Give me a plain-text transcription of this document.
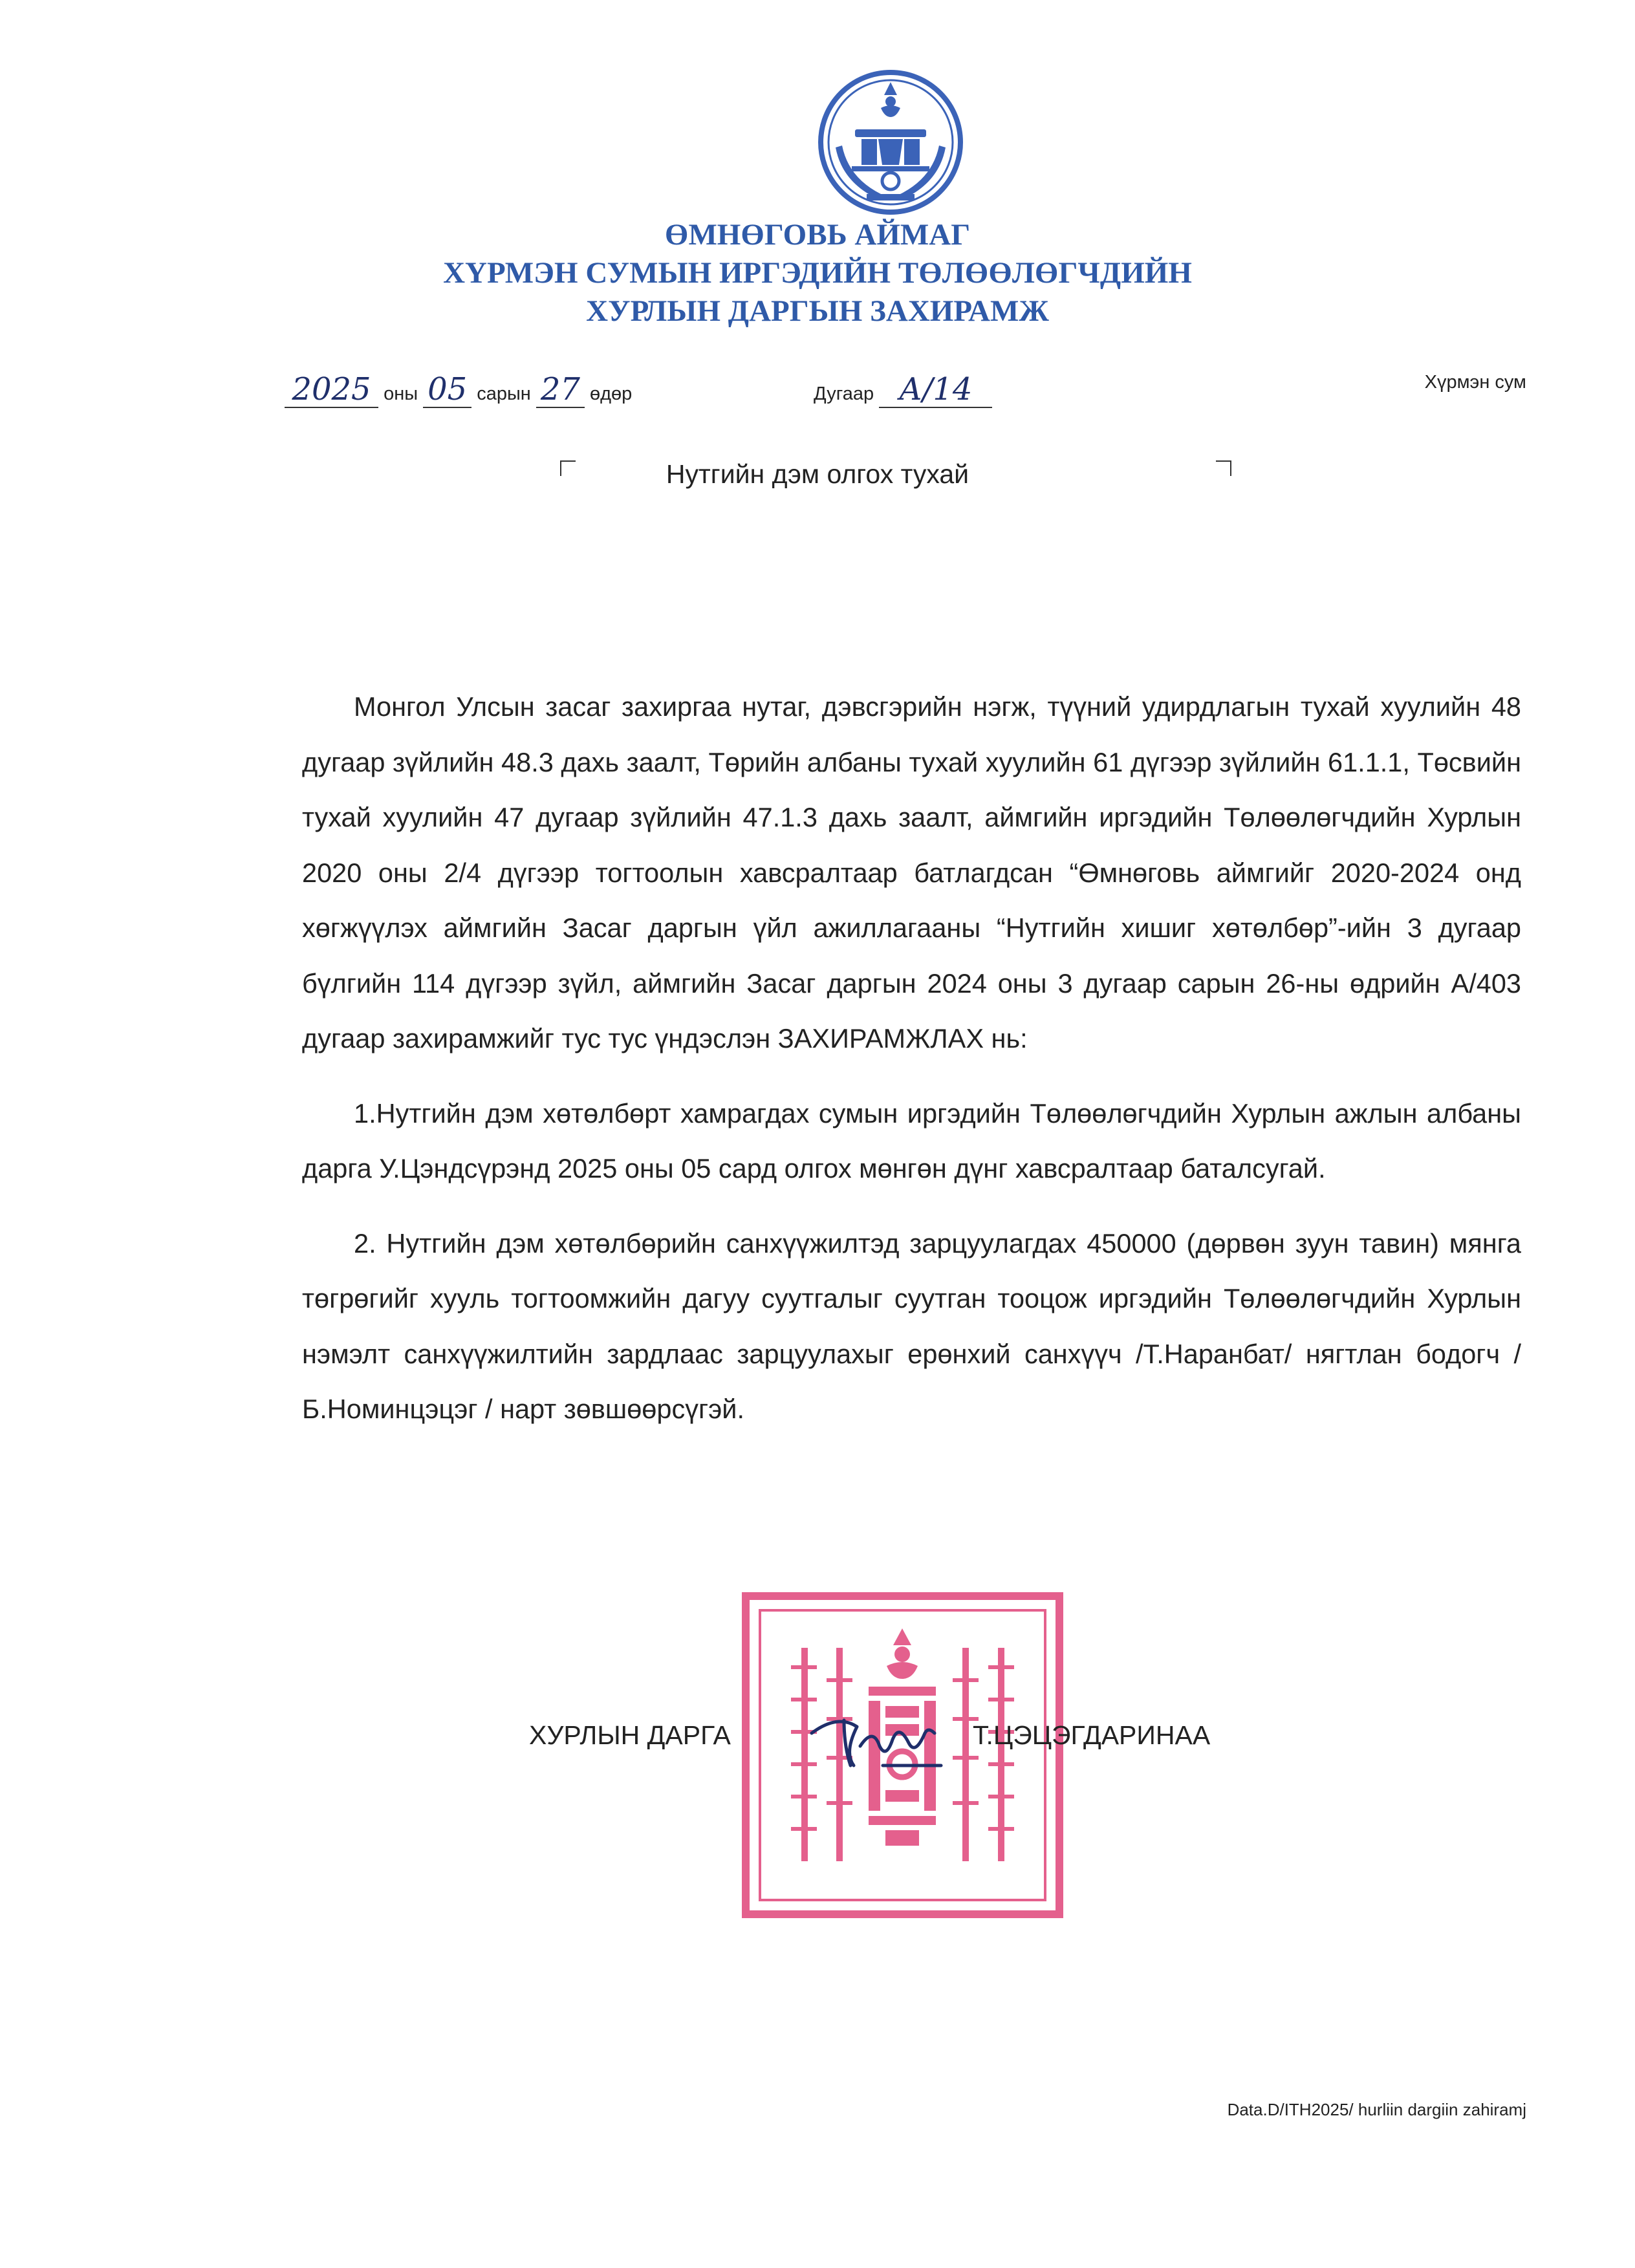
ӨМНӨГОВЬ АЙМАГ
ХҮРМЭН СУМЫН ИРГЭДИЙН ТӨЛӨӨЛӨГЧДИЙН
ХУРЛЫН ДАРГЫН ЗАХИРАМЖ
2025 оны 05 сарын 27 өдөр	Дугаар А/14	Хүрмэн сум
Нутгийн дэм олгох тухай

Монгол Улсын засаг захиргаа нутаг, дэвсгэрийн нэгж, түүний удирдлагын тухай хуулийн 48 дугаар зүйлийн 48.3 дахь заалт, Төрийн албаны тухай хуулийн 61 дүгээр зүйлийн 61.1.1, Төсвийн тухай хуулийн 47 дугаар зүйлийн 47.1.3 дахь заалт, аймгийн иргэдийн Төлөөлөгчдийн Хурлын 2020 оны 2/4 дүгээр тогтоолын хавсралтаар батлагдсан “Өмнөговь аймгийг 2020-2024 онд хөгжүүлэх аймгийн Засаг даргын үйл ажиллагааны “Нутгийн хишиг хөтөлбөр”-ийн 3 дугаар бүлгийн 114 дүгээр зүйл, аймгийн Засаг даргын 2024 оны 3 дугаар сарын 26-ны өдрийн А/403 дугаар захирамжийг тус тус үндэслэн ЗАХИРАМЖЛАХ нь:

1.Нутгийн дэм хөтөлбөрт хамрагдах сумын иргэдийн Төлөөлөгчдийн Хурлын ажлын албаны дарга У.Цэндсүрэнд 2025 оны 05 сард олгох мөнгөн дүнг хавсралтаар баталсугай.

2. Нутгийн дэм хөтөлбөрийн санхүүжилтэд зарцуулагдах 450000 (дөрвөн зуун тавин) мянга төгрөгийг хууль тогтоомжийн дагуу суутгалыг суутган тооцож иргэдийн Төлөөлөгчдийн Хурлын нэмэлт санхүүжилтийн зардлаас зарцуулахыг ерөнхий санхүүч /Т.Наранбат/ нягтлан бодогч /Б.Номинцэцэг / нарт зөвшөөрсүгэй.

ХУРЛЫН ДАРГА	Т.ЦЭЦЭГДАРИНАА
Data.D/ITH2025/ hurliin dargiin zahiramj
